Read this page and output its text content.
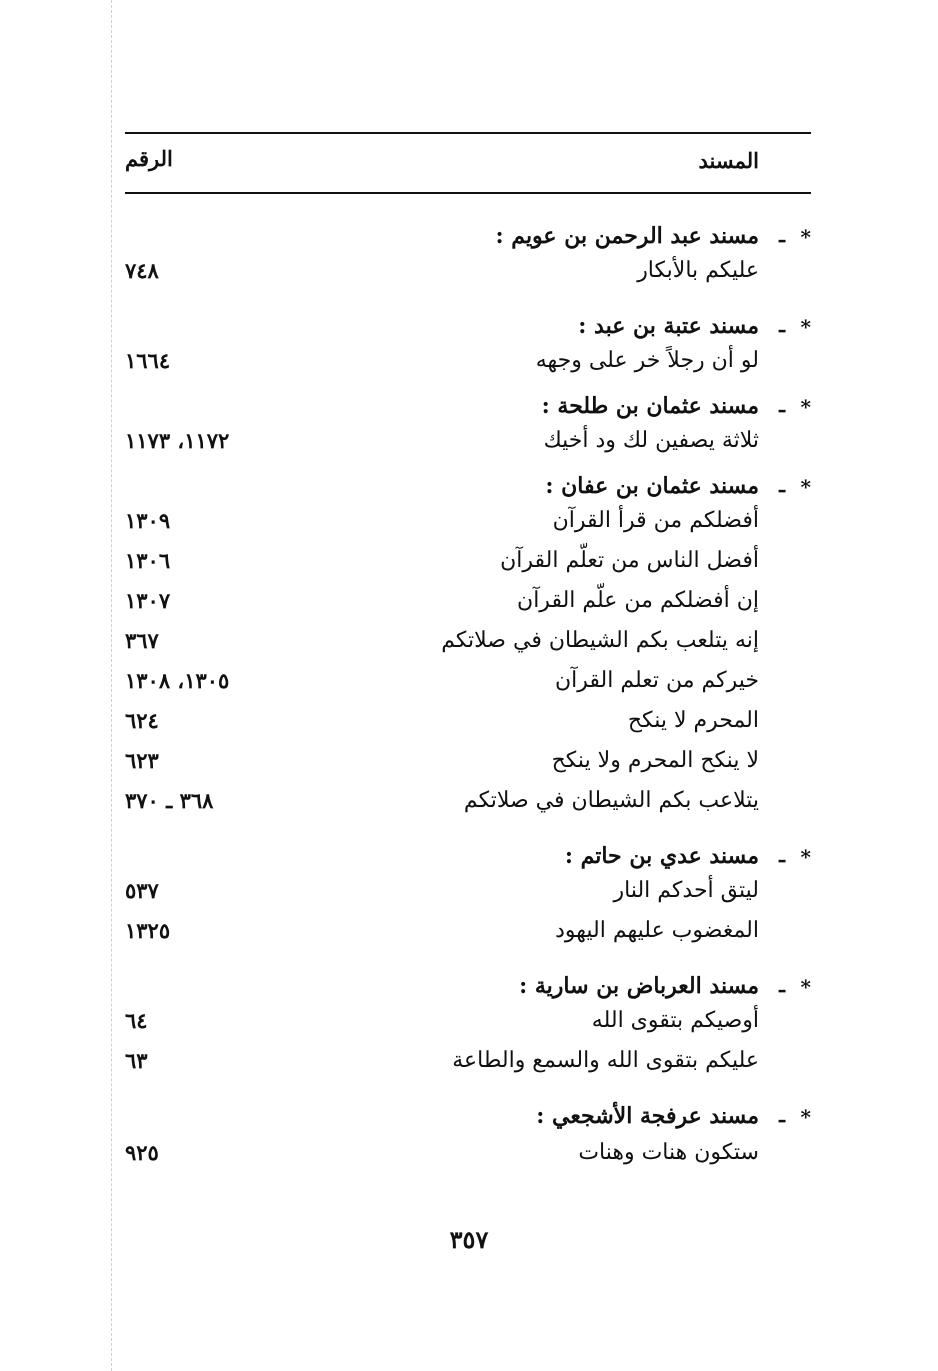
المسند
الرقم
*
ـ
مسند عبد الرحمن بن عويم :
عليكم بالأبكار
٧٤٨
*
ـ
مسند عتبة بن عبد :
لو أن رجلاً خر على وجهه
١٦٦٤
*
ـ
مسند عثمان بن طلحة :
ثلاثة يصفين لك ود أخيك
١١٧٢، ١١٧٣
*
ـ
مسند عثمان بن عفان :
أفضلكم من قرأ القرآن
١٣٠٩
أفضل الناس من تعلّم القرآن
١٣٠٦
إن أفضلكم من علّم القرآن
١٣٠٧
إنه يتلعب بكم الشيطان في صلاتكم
٣٦٧
خيركم من تعلم القرآن
١٣٠٥، ١٣٠٨
المحرم لا ينكح
٦٢٤
لا ينكح المحرم ولا ينكح
٦٢٣
يتلاعب بكم الشيطان في صلاتكم
٣٦٨ ـ ٣٧٠
*
ـ
مسند عدي بن حاتم :
ليتق أحدكم النار
٥٣٧
المغضوب عليهم اليهود
١٣٢٥
*
ـ
مسند العرباض بن سارية :
أوصيكم بتقوى الله
٦٤
عليكم بتقوى الله والسمع والطاعة
٦٣
*
ـ
مسند عرفجة الأشجعي :
ستكون هنات وهنات
٩٢٥
٣٥٧
